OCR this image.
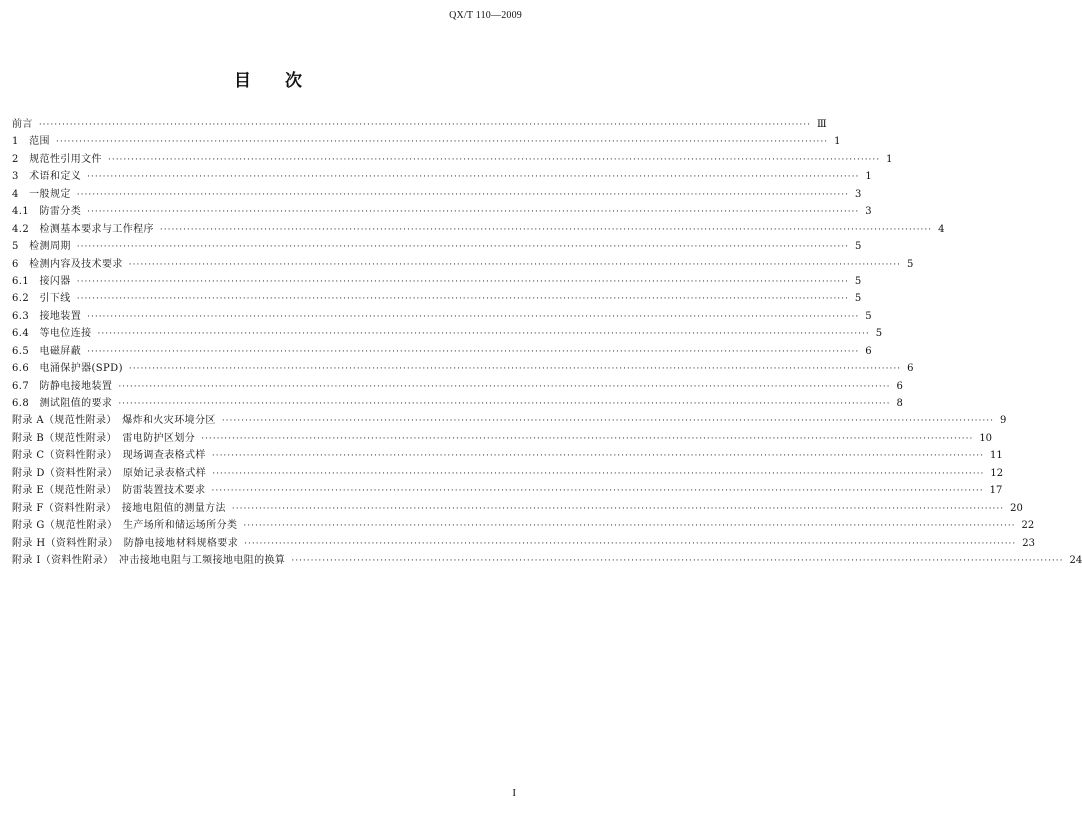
QX/T 110—2009
目次
前言 ········································································································································································································ Ⅲ
1　范围 ········································································································································································································ 1
2　规范性引用文件 ········································································································································································································ 1
3　术语和定义 ········································································································································································································ 1
4　一般规定 ········································································································································································································ 3
4.1　防雷分类 ········································································································································································································ 3
4.2　检测基本要求与工作程序 ········································································································································································································ 4
5　检测周期 ········································································································································································································ 5
6　检测内容及技术要求 ········································································································································································································ 5
6.1　接闪器 ········································································································································································································ 5
6.2　引下线 ········································································································································································································ 5
6.3　接地装置 ········································································································································································································ 5
6.4　等电位连接 ········································································································································································································ 5
6.5　电磁屏蔽 ········································································································································································································ 6
6.6　电涌保护器(SPD) ········································································································································································································ 6
6.7　防静电接地装置 ········································································································································································································ 6
6.8　测试阻值的要求 ········································································································································································································ 8
附录 A（规范性附录）　爆炸和火灾环境分区 ········································································································································································································ 9
附录 B（规范性附录）　雷电防护区划分 ········································································································································································································ 10
附录 C（资料性附录）　现场调查表格式样 ········································································································································································································ 11
附录 D（资料性附录）　原始记录表格式样 ········································································································································································································ 12
附录 E（规范性附录）　防雷装置技术要求 ········································································································································································································ 17
附录 F（资料性附录）　接地电阻值的测量方法 ········································································································································································································ 20
附录 G（规范性附录）　生产场所和储运场所分类 ········································································································································································································ 22
附录 H（资料性附录）　防静电接地材料规格要求 ········································································································································································································ 23
附录 I（资料性附录）　冲击接地电阻与工频接地电阻的换算 ········································································································································································································ 24
I
